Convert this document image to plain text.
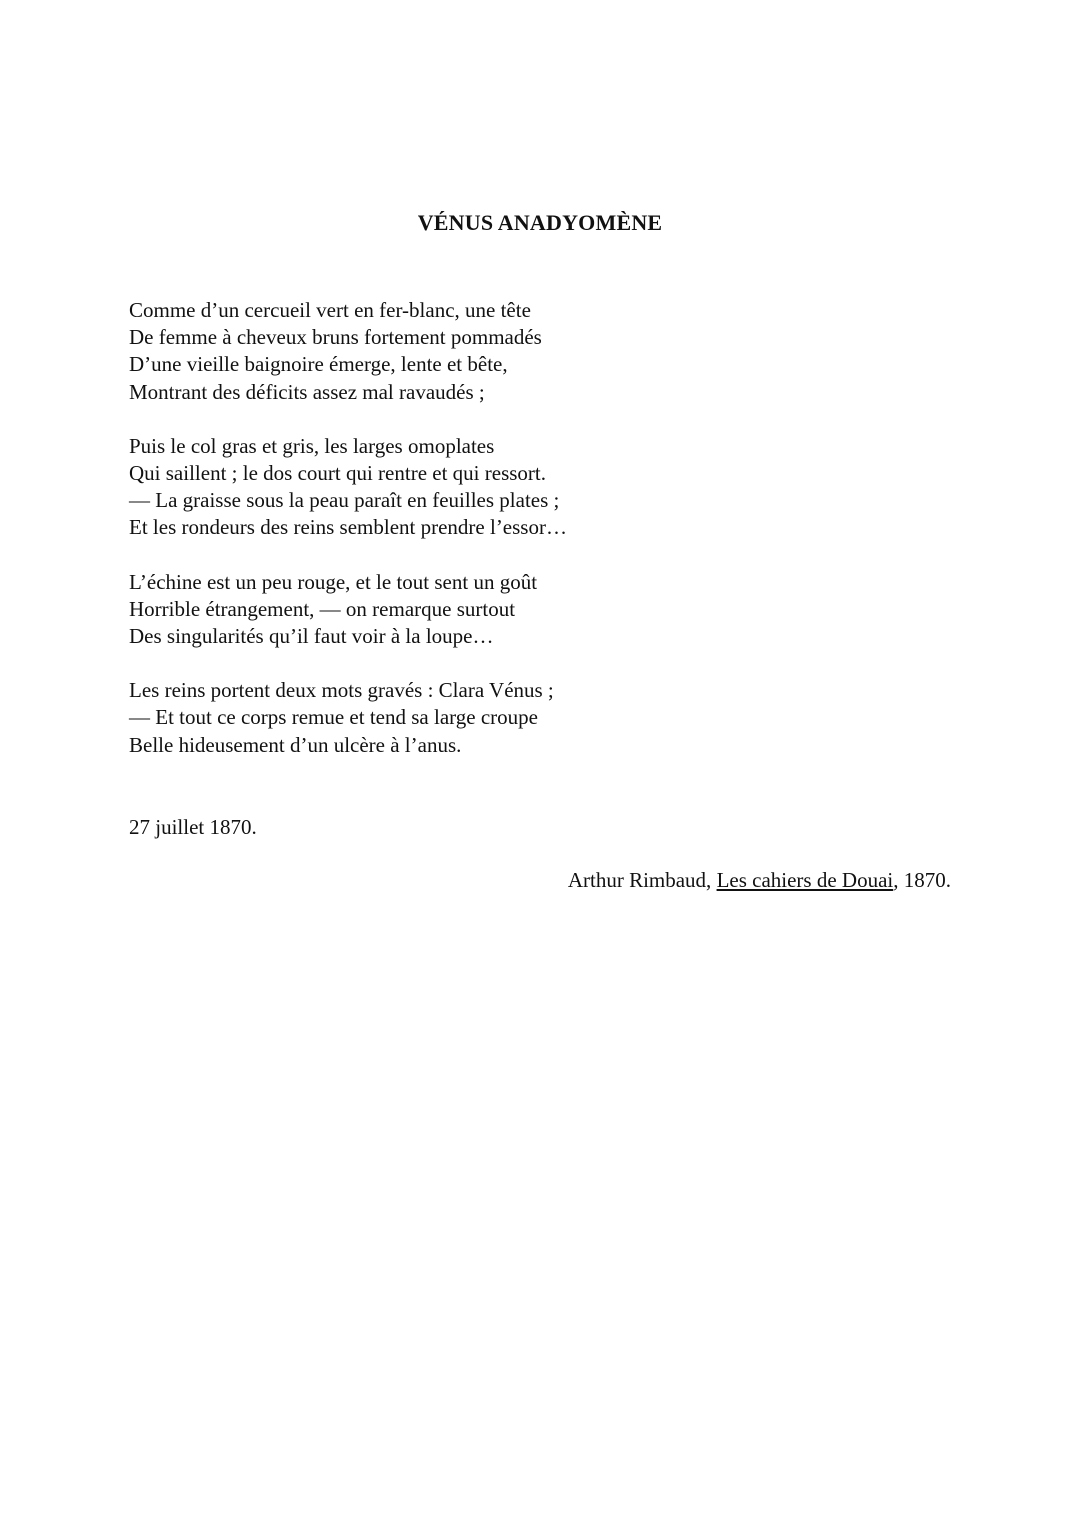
VÉNUS ANADYOMÈNE
Comme d’un cercueil vert en fer-blanc, une tête
De femme à cheveux bruns fortement pommadés
D’une vieille baignoire émerge, lente et bête,
Montrant des déficits assez mal ravaudés ;
Puis le col gras et gris, les larges omoplates
Qui saillent ; le dos court qui rentre et qui ressort.
— La graisse sous la peau paraît en feuilles plates ;
Et les rondeurs des reins semblent prendre l’essor…
L’échine est un peu rouge, et le tout sent un goût
Horrible étrangement, — on remarque surtout
Des singularités qu’il faut voir à la loupe…
Les reins portent deux mots gravés : Clara Vénus ;
— Et tout ce corps remue et tend sa large croupe
Belle hideusement d’un ulcère à l’anus.
27 juillet 1870.
Arthur Rimbaud, Les cahiers de Douai, 1870.
